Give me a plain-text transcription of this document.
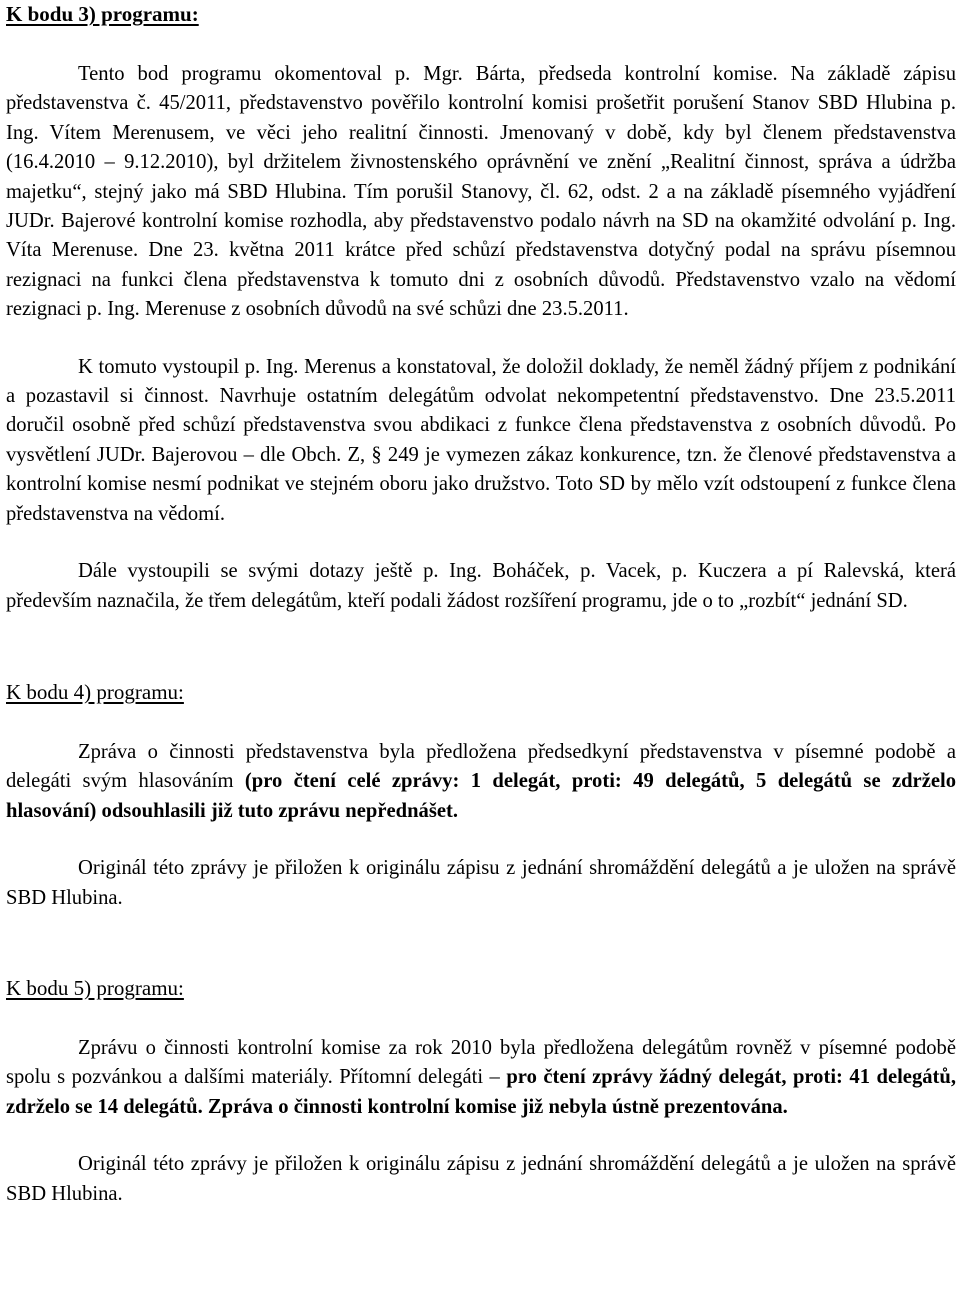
K bodu 3) programu:

Tento bod programu okomentoval p. Mgr. Bárta, předseda kontrolní komise. Na základě zápisu představenstva č. 45/2011, představenstvo pověřilo kontrolní komisi prošetřit porušení Stanov SBD Hlubina p. Ing. Vítem Merenusem, ve věci jeho realitní činnosti. Jmenovaný v době, kdy byl členem představenstva (16.4.2010 – 9.12.2010), byl držitelem živnostenského oprávnění ve znění „Realitní činnost, správa a údržba majetku“, stejný jako má SBD Hlubina. Tím porušil Stanovy, čl. 62, odst. 2 a na základě písemného vyjádření JUDr. Bajerové kontrolní komise rozhodla, aby představenstvo podalo návrh na SD na okamžité odvolání p. Ing. Víta Merenuse. Dne 23. května 2011 krátce před schůzí představenstva dotyčný podal na správu písemnou rezignaci na funkci člena představenstva k tomuto dni z osobních důvodů. Představenstvo vzalo na vědomí rezignaci p. Ing. Merenuse z osobních důvodů na své schůzi dne 23.5.2011.

K tomuto vystoupil p. Ing. Merenus a konstatoval, že doložil doklady, že neměl žádný příjem z podnikání a pozastavil si činnost. Navrhuje ostatním delegátům odvolat nekompetentní představenstvo. Dne 23.5.2011 doručil osobně před schůzí představenstva svou abdikaci z funkce člena představenstva z osobních důvodů. Po vysvětlení JUDr. Bajerovou – dle Obch. Z, § 249 je vymezen zákaz konkurence, tzn. že členové představenstva a kontrolní komise nesmí podnikat ve stejném oboru jako družstvo. Toto SD by mělo vzít odstoupení z funkce člena představenstva na vědomí.

Dále vystoupili se svými dotazy ještě p. Ing. Boháček, p. Vacek, p. Kuczera a pí Ralevská, která především naznačila, že třem delegátům, kteří podali žádost rozšíření programu, jde o to „rozbít“ jednání SD.

K bodu 4) programu:

Zpráva o činnosti představenstva byla předložena předsedkyní představenstva v písemné podobě a delegáti svým hlasováním (pro čtení celé zprávy: 1 delegát, proti: 49 delegátů, 5 delegátů se zdrželo hlasování) odsouhlasili již tuto zprávu nepřednášet.

Originál této zprávy je přiložen k originálu zápisu z jednání shromáždění delegátů a je uložen na správě SBD Hlubina.

K bodu 5) programu:

Zprávu o činnosti kontrolní komise za rok 2010 byla předložena delegátům rovněž v písemné podobě spolu s pozvánkou a dalšími materiály. Přítomní delegáti – pro čtení zprávy žádný delegát, proti: 41 delegátů, zdrželo se 14 delegátů. Zpráva o činnosti kontrolní komise již nebyla ústně prezentována.

Originál této zprávy je přiložen k originálu zápisu z jednání shromáždění delegátů a je uložen na správě SBD Hlubina.
